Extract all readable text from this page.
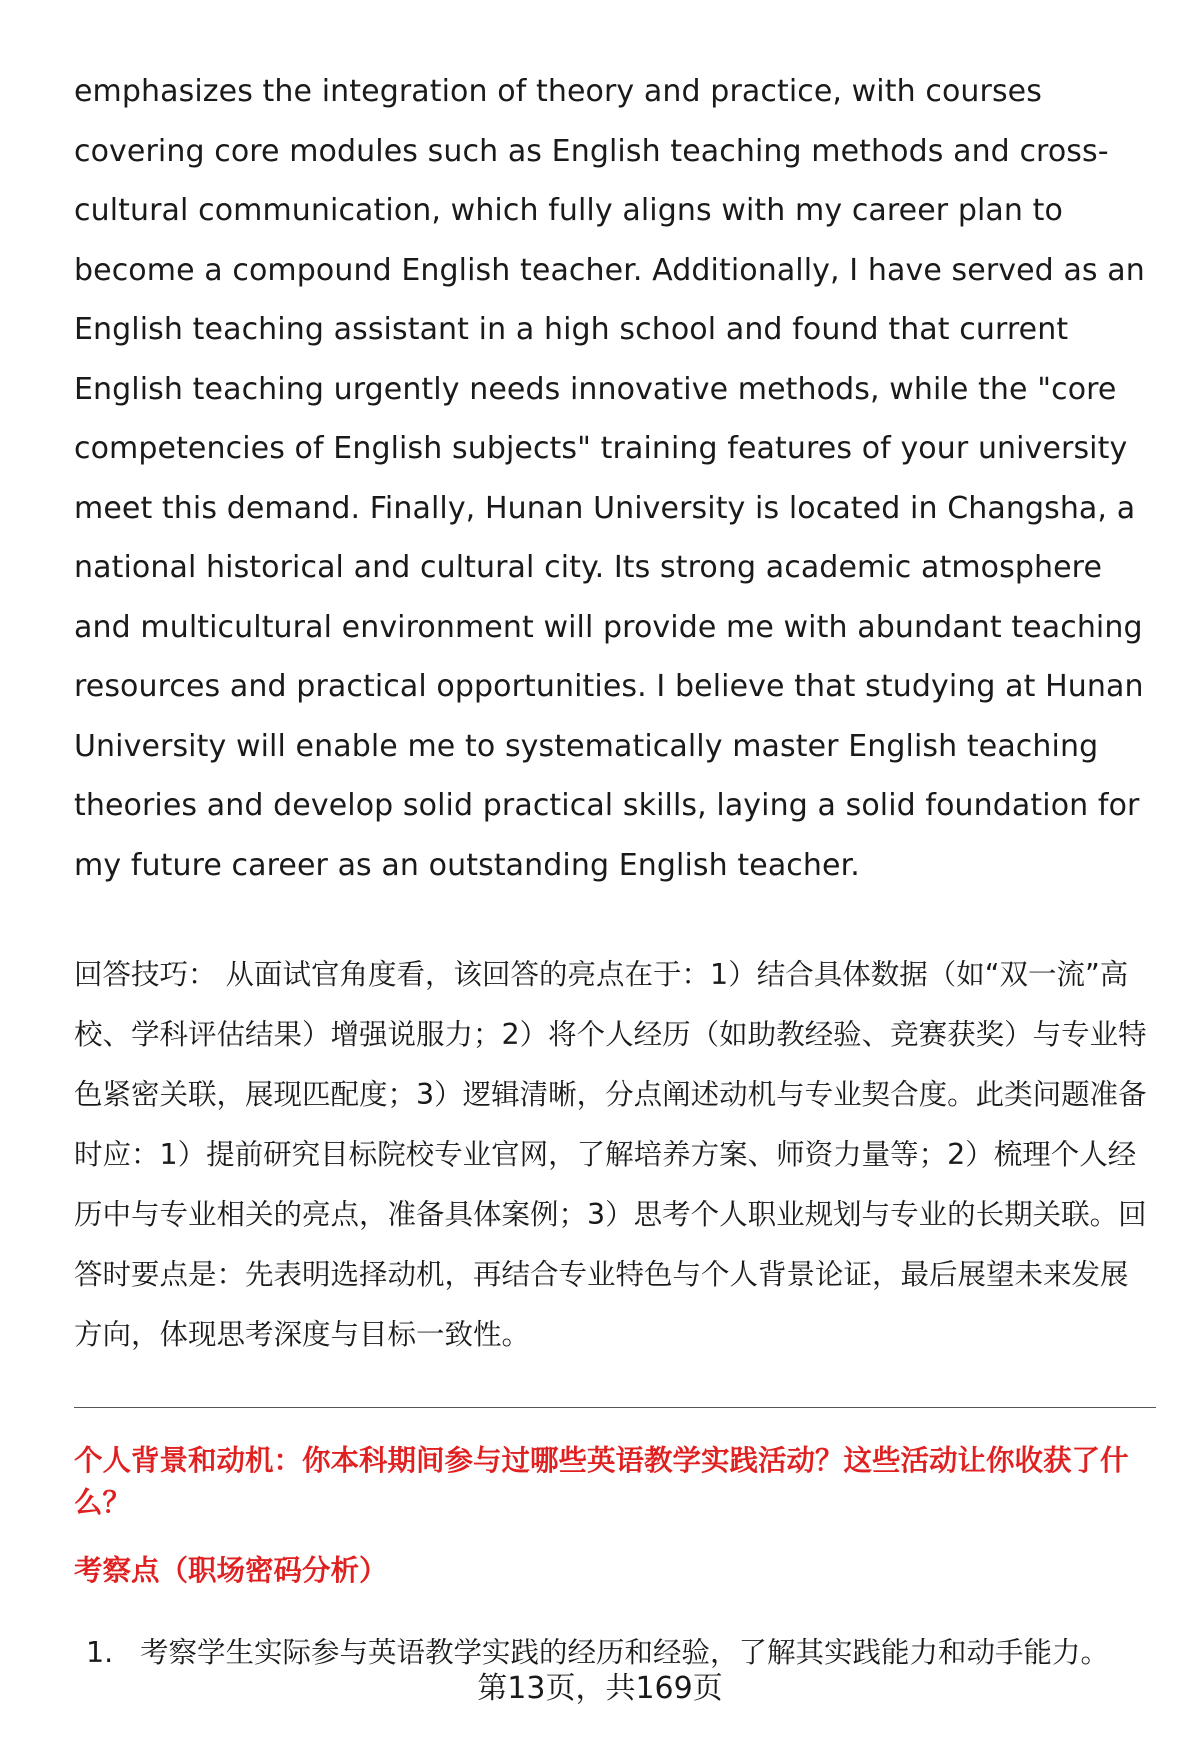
emphasizes the integration of theory and practice, with courses covering core modules such as English teaching methods and cross-cultural communication, which fully aligns with my career plan to become a compound English teacher. Additionally, I have served as an English teaching assistant in a high school and found that current English teaching urgently needs innovative methods, while the "core competencies of English subjects" training features of your university meet this demand. Finally, Hunan University is located in Changsha, a national historical and cultural city. Its strong academic atmosphere and multicultural environment will provide me with abundant teaching resources and practical opportunities. I believe that studying at Hunan University will enable me to systematically master English teaching theories and develop solid practical skills, laying a solid foundation for my future career as an outstanding English teacher.

回答技巧： 从面试官角度看，该回答的亮点在于：1）结合具体数据（如“双一流”高校、学科评估结果）增强说服力；2）将个人经历（如助教经验、竞赛获奖）与专业特色紧密关联，展现匹配度；3）逻辑清晰，分点阐述动机与专业契合度。此类问题准备时应：1）提前研究目标院校专业官网，了解培养方案、师资力量等；2）梳理个人经历中与专业相关的亮点，准备具体案例；3）思考个人职业规划与专业的长期关联。回答时要点是：先表明选择动机，再结合专业特色与个人背景论证，最后展望未来发展方向，体现思考深度与目标一致性。

个人背景和动机：你本科期间参与过哪些英语教学实践活动？这些活动让你收获了什么？
考察点（职场密码分析）
1. 考察学生实际参与英语教学实践的经历和经验，了解其实践能力和动手能力。
第13页，共169页
